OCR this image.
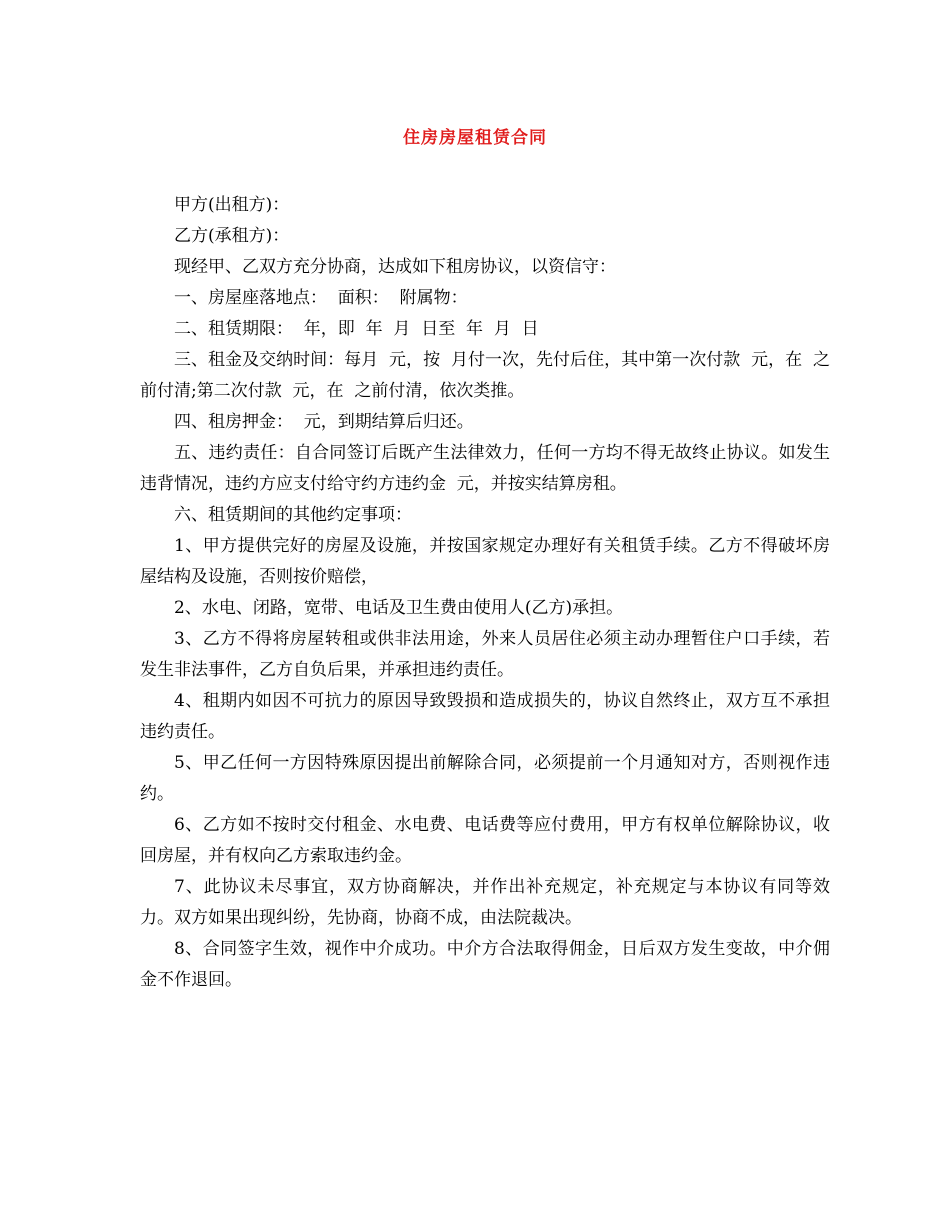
住房房屋租赁合同

甲方(出租方)：

乙方(承租方)：

现经甲、乙双方充分协商，达成如下租房协议，以资信守：

一、房屋座落地点：  面积：  附属物：

二、租赁期限：  年，即  年  月  日至  年  月  日

三、租金及交纳时间：每月  元，按  月付一次，先付后住，其中第一次付款  元，在  之前付清;第二次付款  元，在  之前付清，依次类推。

四、租房押金：  元，到期结算后归还。

五、违约责任：自合同签订后既产生法律效力，任何一方均不得无故终止协议。如发生违背情况，违约方应支付给守约方违约金  元，并按实结算房租。

六、租赁期间的其他约定事项：

1、甲方提供完好的房屋及设施，并按国家规定办理好有关租赁手续。乙方不得破坏房屋结构及设施，否则按价赔偿，

2、水电、闭路，宽带、电话及卫生费由使用人(乙方)承担。

3、乙方不得将房屋转租或供非法用途，外来人员居住必须主动办理暂住户口手续，若发生非法事件，乙方自负后果，并承担违约责任。

4、租期内如因不可抗力的原因导致毁损和造成损失的，协议自然终止，双方互不承担违约责任。

5、甲乙任何一方因特殊原因提出前解除合同，必须提前一个月通知对方，否则视作违约。

6、乙方如不按时交付租金、水电费、电话费等应付费用，甲方有权单位解除协议，收回房屋，并有权向乙方索取违约金。

7、此协议未尽事宜，双方协商解决，并作出补充规定，补充规定与本协议有同等效力。双方如果出现纠纷，先协商，协商不成，由法院裁决。

8、合同签字生效，视作中介成功。中介方合法取得佣金，日后双方发生变故，中介佣金不作退回。
